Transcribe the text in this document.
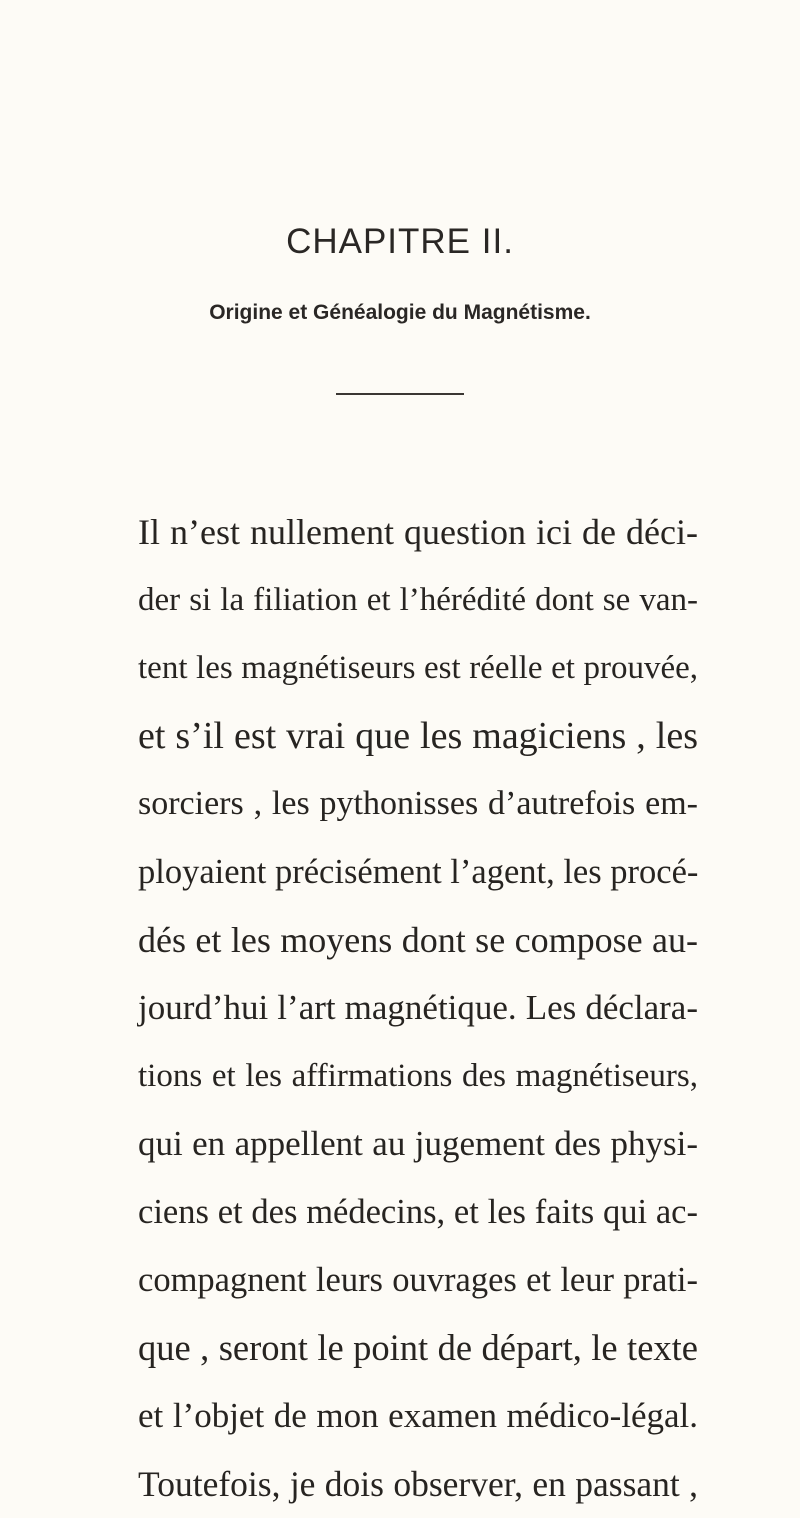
CHAPITRE II.
Origine et Généalogie du Magnétisme.
Il n’est nullement question ici de déci-
der si la filiation et l’hérédité dont se van-
tent les magnétiseurs est réelle et prouvée,
et s’il est vrai que les magiciens , les
sorciers , les pythonisses d’autrefois em-
ployaient précisément l’agent, les procé-
dés et les moyens dont se compose au-
jourd’hui l’art magnétique. Les déclara-
tions et les affirmations des magnétiseurs,
qui en appellent au jugement des physi-
ciens et des médecins, et les faits qui ac-
compagnent leurs ouvrages et leur prati-
que , seront le point de départ, le texte
et l’objet de mon examen médico-légal.
Toutefois, je dois observer, en passant ,
